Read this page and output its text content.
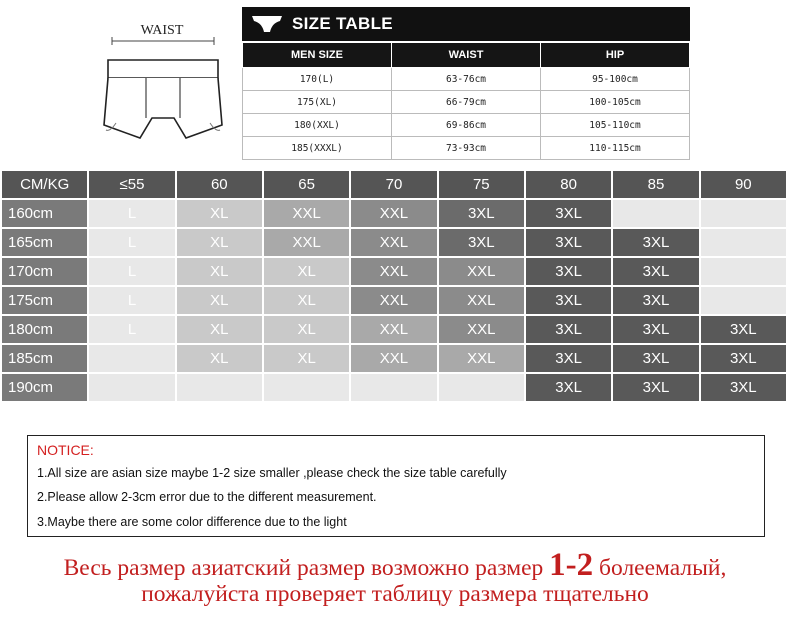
WAIST	SIZE TABLE
MEN SIZE	WAIST	HIP
170(L)	63-76cm	95-100cm
175(XL)	66-79cm	100-105cm
180(XXL)	69-86cm	105-110cm
185(XXXL)	73-93cm	110-115cm
CM/KG	≤55	60	65	70	75	80	85	90
160cm	L	XL	XXL	XXL	3XL	3XL		
165cm	L	XL	XXL	XXL	3XL	3XL	3XL	
170cm	L	XL	XL	XXL	XXL	3XL	3XL	
175cm	L	XL	XL	XXL	XXL	3XL	3XL	
180cm	L	XL	XL	XXL	XXL	3XL	3XL	3XL
185cm		XL	XL	XXL	XXL	3XL	3XL	3XL
190cm						3XL	3XL	3XL
NOTICE:
1.All size are asian size maybe 1-2 size smaller ,please check the size table carefully
2.Please allow 2-3cm error due to the different measurement.
3.Maybe there are some color difference due to the light
Весь размер азиатский размер возможно размер 1-2 болеемалый,
пожалуйста проверяет таблицу размера тщательно
